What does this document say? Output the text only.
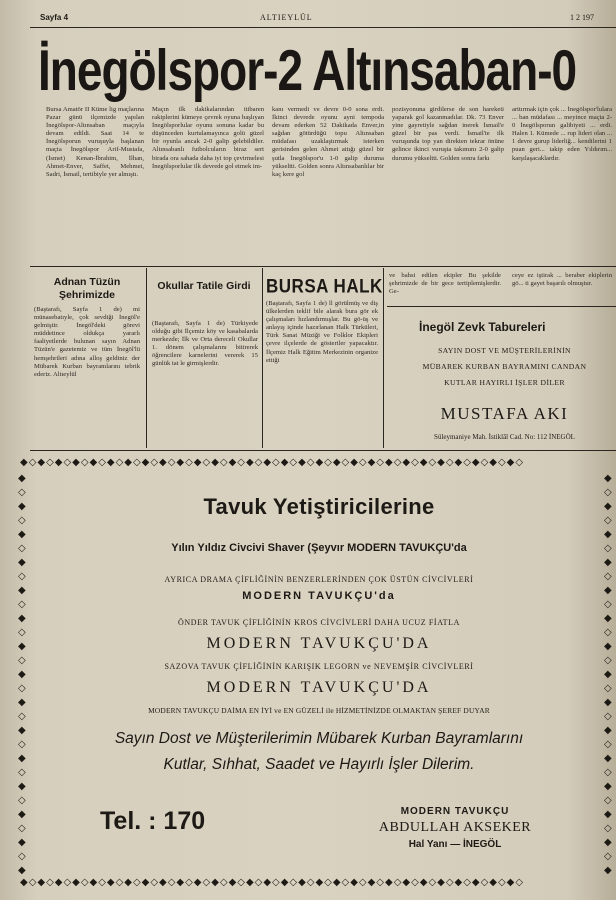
Sayfa 4	ALTIEYLÜL	1 2 197
İnegölspor-2 Altınsaban-0
Bursa Amatör II Küme lig maçlarına Pazar günü ilçemizde yapılan İnegölspor-Altınsaban maçıyla devam edildi. Saat 14 te İnegölsporun vuruşuyla başlanan maçta İnegölspor Arif-Mustafa, (İsmet) Kenan-İbrahim, İlhan, Ahmet-Enver, Saffet, Mehmet, Sadri, İsmail, tertibiyle yer almıştı.
Maçın ilk dakikalarından itibaren rakiplerini kümeye çevrek oyuna başlıyan İnegölsporlular oyunu sonuna kadar bu düşünceden kurtulamayınca golü güzel bir oyunla ancak 2-0 galip gelebildiler. Altınsabanlı futbolcuların biraz sert birada ora sahada daha iyi top çevirmelesi İnegölsporlular ilk devrede gol etmek im-
kanı vermedi ve devre 0-0 sona erdi. İkinci devrede oyunu ayni tempoda devam ederken 52 Dakikada Enver,in sağdan götürdüğü topu Altınsaban müdafası uzaklaştırmak isterken gerisinden gelen Ahmet attığı güzel bir şutla İnegölspor'u 1-0 galip duruma yükseltti. Golden sonra Altınsabanlılar bir kaç kere gol
pozisyonuna girdilerse de son hareketi yaparak gol kazanmadılar. Dk. 73 Enver yine gayretiyle sağdan inerek İsmail'e güzel bir pas verdi. İsmail'te ilk vuruşunda top yan direkten tekrar önüne gelince ikinci vuruşta takımını 2-0 galip durumu yükseltti. Golden sonra farkı
arttırmak için çok ... İnegölspor'lulara ... ban müdafası ... meyince maçta 2-0 İnegölsporun galibiyeti ... erdi. Halen 1. Kümede ... rup lideri olan ... 1 devre gurup liderliğ... kendilerini 1 puan geri... takip eden Yıldırım... karşılaşacaklardır.
Adnan Tüzün Şehrimizde
(Baştarafı, Sayfa 1 de) mi münasebatıyle, çok sevdiği İnegöl'e gelmiştir. İnegöl'deki görevi müddetince oldukça yararlı faaliyetlerde bulunan sayın Adnan Tüzün'e gazetemiz ve tüm İnegöl'lü hemşehrileri adına alloş geldiniz der Mübarek Kurban bayramlarını tebrik ederiz. Altıeylül
Okullar Tatile Girdi
(Baştarafı, Sayfa 1 de) Türkiyede olduğu gibi İlçemiz köy ve kasabalarda merkezde; İlk ve Orta dereceli Okullar 1. dönem çalışmalarını bitirerek öğrencilere karnelerini vererek 15 günlük tat le girmişlerdir.
BURSA HALK
(Baştarafı, Sayfa 1 de) ll görülmüş ve diş ülkelerden teklif bile alarak bura gör ek çalışmaları hızlandırmışlar. Bu gö-üş ve anlayış içinde hazırlanan Halk Türküleri, Türk Sanat Müziği ve Folklor Ekipleri çevre ilçelerde de gösteriler yapacaktır. İlçemiz Halk Eğitim Merkezinin organize ettiği
ve bahsi edilen ekipler Bu şekilde şehrimizde de bir gece tertiplemişlerdir. Ge-
ceye ez iştirak ... beraber ekiplerin gö... ti gayet başarılı olmuştur.
İnegöl Zevk Tabureleri
SAYIN DOST VE MÜŞTERİLERİNİN
MÜBAREK KURBAN BAYRAMINI CANDAN
KUTLAR HAYIRLI İŞLER DİLER
MUSTAFA AKI
Süleymaniye Mah. İstiklâl Cad. No: 112 İNEGÖL
◆◇◆◇◆◇◆◇◆◇◆◇◆◇◆◇◆◇◆◇◆◇◆◇◆◇◆◇◆◇◆◇◆◇◆◇◆◇◆◇◆◇◆◇◆◇◆◇◆◇◆◇◆◇◆◇◆◇
◆◇◆◇◆◇◆◇◆◇◆◇◆◇◆◇◆◇◆◇◆◇◆◇◆◇◆◇◆◇◆◇◆◇◆◇◆◇◆◇◆◇◆◇◆◇◆◇◆◇◆◇◆◇◆◇◆◇
◆◇◆◇◆◇◆◇◆◇◆◇◆◇◆◇◆◇◆◇◆◇◆◇◆◇◆◇◆
◆◇◆◇◆◇◆◇◆◇◆◇◆◇◆◇◆◇◆◇◆◇◆◇◆◇◆◇◆
Tavuk Yetiştiricilerine
Yılın Yıldız Civcivi Shaver (Şeyvır MODERN TAVUKÇU'da
AYRICA DRAMA ÇİFLİĞİNİN BENZERLERİNDEN ÇOK ÜSTÜN CİVCİVLERİ
MODERN TAVUKÇU'da
ÖNDER TAVUK ÇİFLİĞİNİN KROS CİVCİVLERİ DAHA UCUZ FİATLA
MODERN TAVUKÇU'DA
SAZOVA TAVUK ÇİFLİĞİNİN KARIŞIK LEGORN ve NEVEMŞİR CİVCİVLERİ
MODERN TAVUKÇU'DA
MODERN TAVUKÇU DAİMA EN İYİ ve EN GÜZELİ ile HİZMETİNİZDE OLMAKTAN ŞEREF DUYAR
Sayın Dost ve Müşterilerimin Mübarek Kurban Bayramlarını
Kutlar, Sıhhat, Saadet ve Hayırlı İşler Dilerim.
Tel. : 170	MODERN TAVUKÇU
ABDULLAH AKSEKER
Hal Yanı — İNEGÖL
